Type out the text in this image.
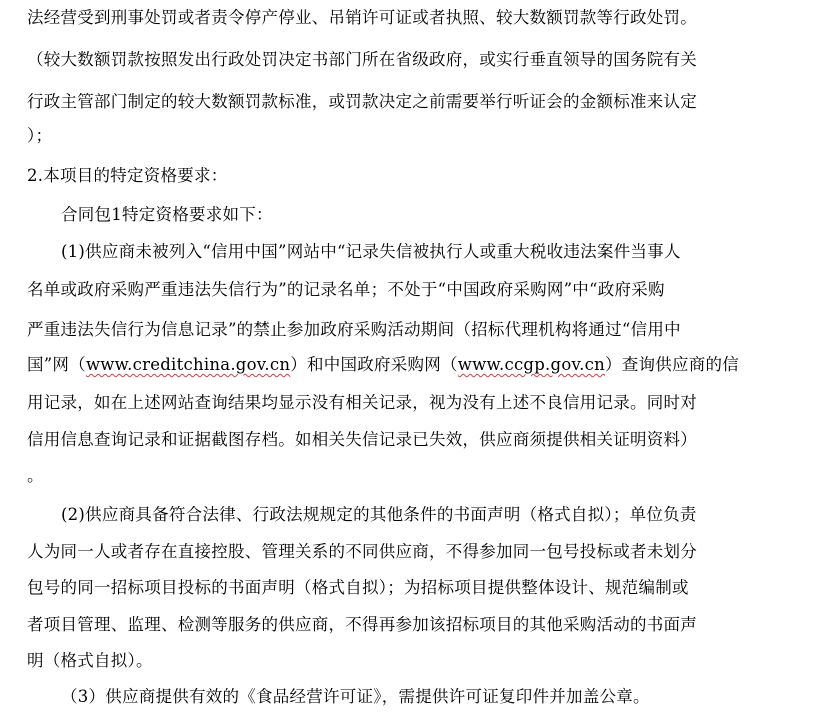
法经营受到刑事处罚或者责令停产停业、吊销许可证或者执照、较大数额罚款等行政处罚。
（较大数额罚款按照发出行政处罚决定书部门所在省级政府，或实行垂直领导的国务院有关
行政主管部门制定的较大数额罚款标准，或罚款决定之前需要举行听证会的金额标准来认定
）；
2.本项目的特定资格要求：
合同包1特定资格要求如下：
(1)供应商未被列入“信用中国”网站中“记录失信被执行人或重大税收违法案件当事人
名单或政府采购严重违法失信行为”的记录名单；不处于“中国政府采购网”中“政府采购
严重违法失信行为信息记录”的禁止参加政府采购活动期间（招标代理机构将通过“信用中
国”网（www.creditchina.gov.cn）和中国政府采购网（www.ccgp.gov.cn）查询供应商的信
用记录，如在上述网站查询结果均显示没有相关记录，视为没有上述不良信用记录。同时对
信用信息查询记录和证据截图存档。如相关失信记录已失效，供应商须提供相关证明资料）
。
(2)供应商具备符合法律、行政法规规定的其他条件的书面声明（格式自拟）；单位负责
人为同一人或者存在直接控股、管理关系的不同供应商，不得参加同一包号投标或者未划分
包号的同一招标项目投标的书面声明（格式自拟）；为招标项目提供整体设计、规范编制或
者项目管理、监理、检测等服务的供应商，不得再参加该招标项目的其他采购活动的书面声
明（格式自拟）。
（3）供应商提供有效的《食品经营许可证》，需提供许可证复印件并加盖公章。
